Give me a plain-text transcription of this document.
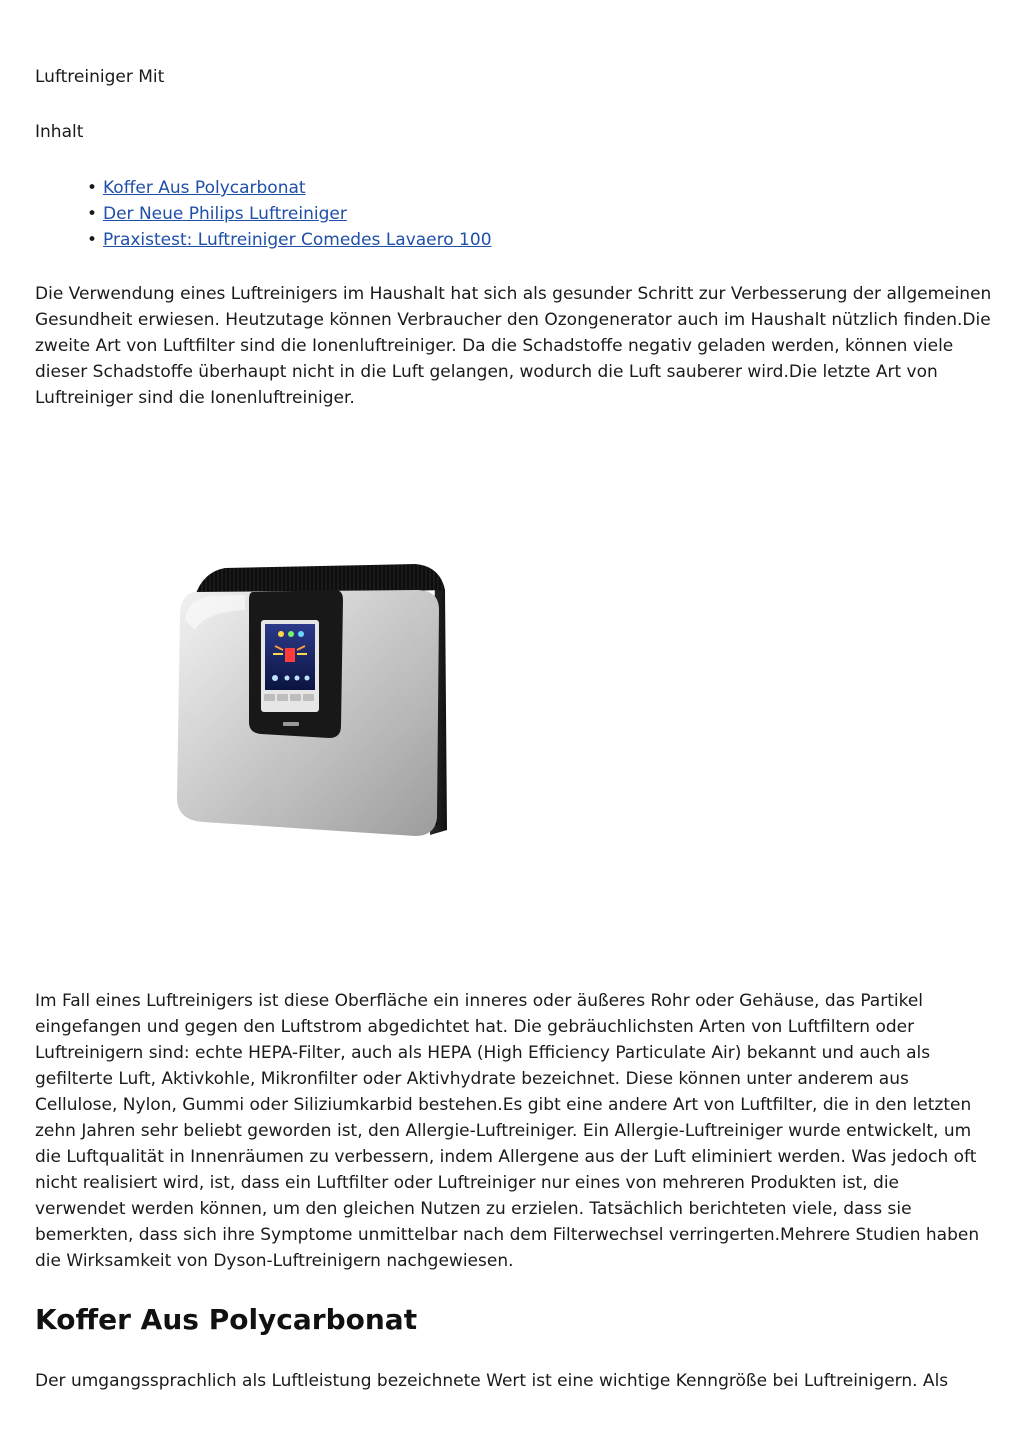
Luftreiniger Mit

Inhalt

• Koffer Aus Polycarbonat
• Der Neue Philips Luftreiniger
• Praxistest: Luftreiniger Comedes Lavaero 100

Die Verwendung eines Luftreinigers im Haushalt hat sich als gesunder Schritt zur Verbesserung der allgemeinen Gesundheit erwiesen. Heutzutage können Verbraucher den Ozongenerator auch im Haushalt nützlich finden.Die zweite Art von Luftfilter sind die Ionenluftreiniger. Da die Schadstoffe negativ geladen werden, können viele dieser Schadstoffe überhaupt nicht in die Luft gelangen, wodurch die Luft sauberer wird.Die letzte Art von Luftreiniger sind die Ionenluftreiniger.

Im Fall eines Luftreinigers ist diese Oberfläche ein inneres oder äußeres Rohr oder Gehäuse, das Partikel eingefangen und gegen den Luftstrom abgedichtet hat. Die gebräuchlichsten Arten von Luftfiltern oder Luftreinigern sind: echte HEPA-Filter, auch als HEPA (High Efficiency Particulate Air) bekannt und auch als gefilterte Luft, Aktivkohle, Mikronfilter oder Aktivhydrate bezeichnet. Diese können unter anderem aus Cellulose, Nylon, Gummi oder Siliziumkarbid bestehen.Es gibt eine andere Art von Luftfilter, die in den letzten zehn Jahren sehr beliebt geworden ist, den Allergie-Luftreiniger. Ein Allergie-Luftreiniger wurde entwickelt, um die Luftqualität in Innenräumen zu verbessern, indem Allergene aus der Luft eliminiert werden. Was jedoch oft nicht realisiert wird, ist, dass ein Luftfilter oder Luftreiniger nur eines von mehreren Produkten ist, die verwendet werden können, um den gleichen Nutzen zu erzielen. Tatsächlich berichteten viele, dass sie bemerkten, dass sich ihre Symptome unmittelbar nach dem Filterwechsel verringerten.Mehrere Studien haben die Wirksamkeit von Dyson-Luftreinigern nachgewiesen.

Koffer Aus Polycarbonat

Der umgangssprachlich als Luftleistung bezeichnete Wert ist eine wichtige Kenngröße bei Luftreinigern. Als
